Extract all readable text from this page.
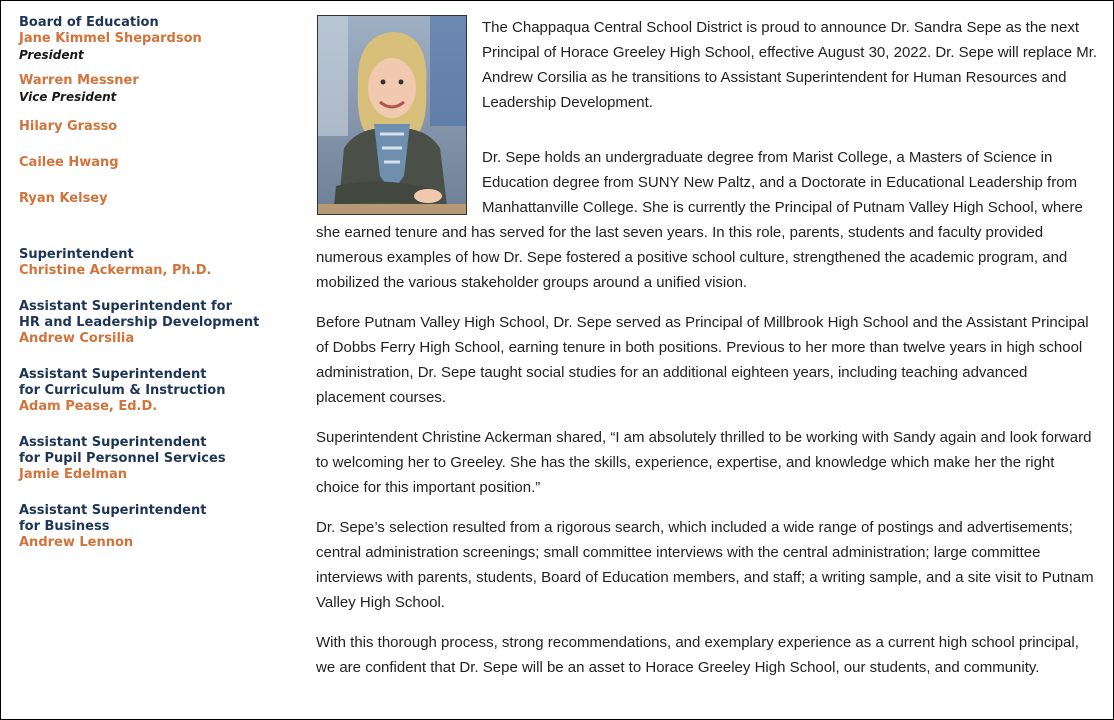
Board of Education
Jane Kimmel Shepardson
President
Warren Messner
Vice President
Hilary Grasso
Cailee Hwang
Ryan Kelsey
Superintendent
Christine Ackerman, Ph.D.
Assistant Superintendent for
HR and Leadership Development
Andrew Corsilia
Assistant Superintendent
for Curriculum & Instruction
Adam Pease, Ed.D.
Assistant Superintendent
for Pupil Personnel Services
Jamie Edelman
Assistant Superintendent
for Business
Andrew Lennon

The Chappaqua Central School District is proud to announce Dr. Sandra Sepe as the next Principal of Horace Greeley High School, effective August 30, 2022. Dr. Sepe will replace Mr. Andrew Corsilia as he transitions to Assistant Superintendent for Human Resources and Leadership Development.

Dr. Sepe holds an undergraduate degree from Marist College, a Masters of Science in Education degree from SUNY New Paltz, and a Doctorate in Educational Leadership from Manhattanville College. She is currently the Principal of Putnam Valley High School, where she earned tenure and has served for the last seven years. In this role, parents, students and faculty provided numerous examples of how Dr. Sepe fostered a positive school culture, strengthened the academic program, and mobilized the various stakeholder groups around a unified vision.

Before Putnam Valley High School, Dr. Sepe served as Principal of Millbrook High School and the Assistant Principal of Dobbs Ferry High School, earning tenure in both positions. Previous to her more than twelve years in high school administration, Dr. Sepe taught social studies for an additional eighteen years, including teaching advanced placement courses.

Superintendent Christine Ackerman shared, “I am absolutely thrilled to be working with Sandy again and look forward to welcoming her to Greeley. She has the skills, experience, expertise, and knowledge which make her the right choice for this important position.”

Dr. Sepe’s selection resulted from a rigorous search, which included a wide range of postings and advertisements; central administration screenings; small committee interviews with the central administration; large committee interviews with parents, students, Board of Education members, and staff; a writing sample, and a site visit to Putnam Valley High School.

With this thorough process, strong recommendations, and exemplary experience as a current high school principal, we are confident that Dr. Sepe will be an asset to Horace Greeley High School, our students, and community.
